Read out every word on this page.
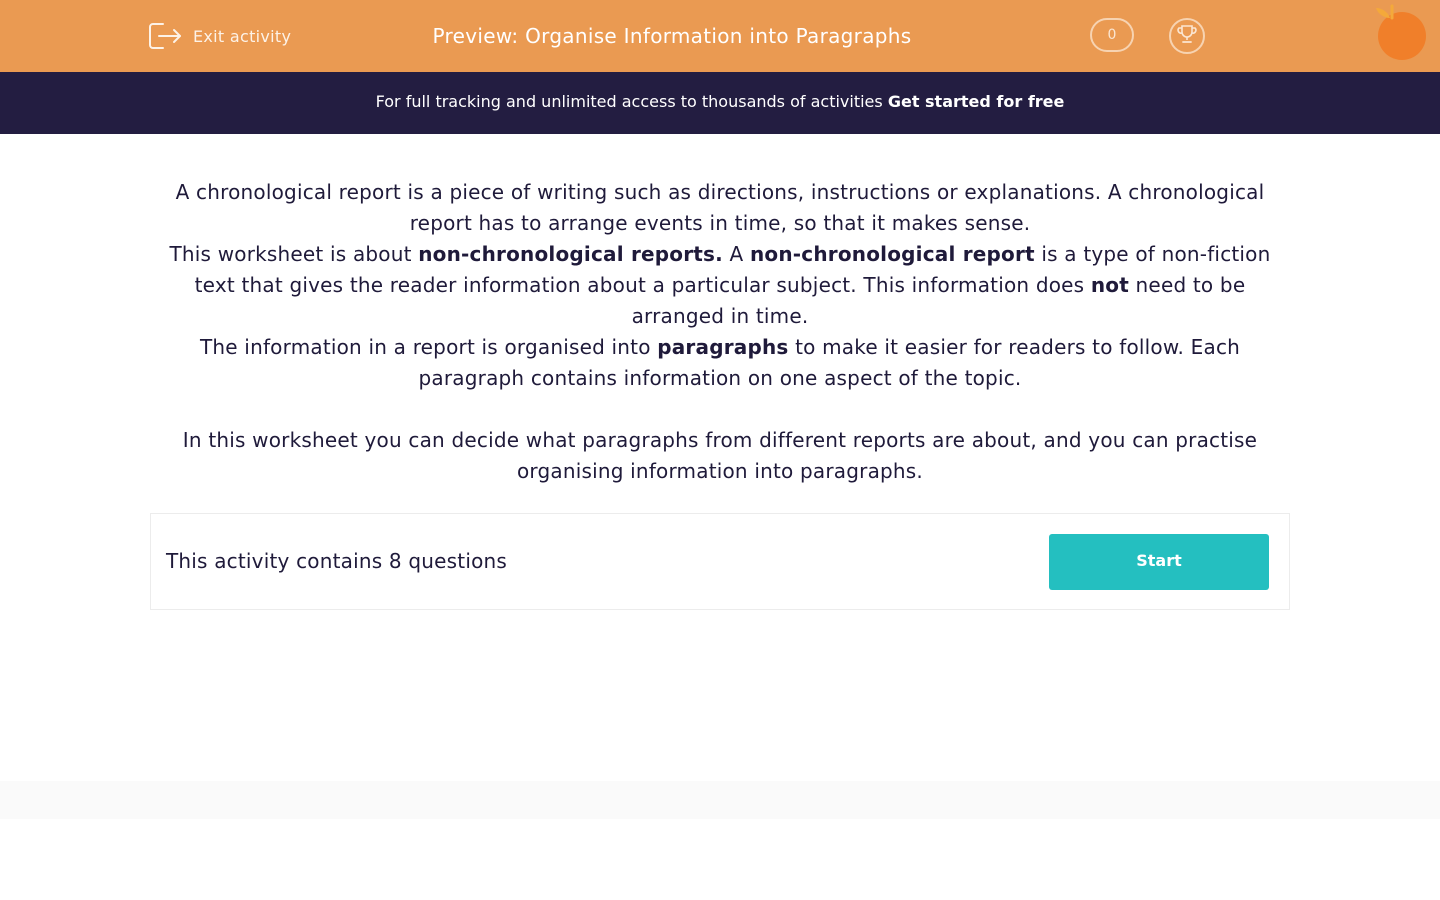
Exit activity	Preview: Organise Information into Paragraphs	0
For full tracking and unlimited access to thousands of activities Get started for free

A chronological report is a piece of writing such as directions, instructions or explanations. A chronological report has to arrange events in time, so that it makes sense.

This worksheet is about non-chronological reports. A non-chronological report is a type of non-fiction text that gives the reader information about a particular subject. This information does not need to be arranged in time.

The information in a report is organised into paragraphs to make it easier for readers to follow. Each paragraph contains information on one aspect of the topic.

In this worksheet you can decide what paragraphs from different reports are about, and you can practise organising information into paragraphs.

This activity contains 8 questions	Start
